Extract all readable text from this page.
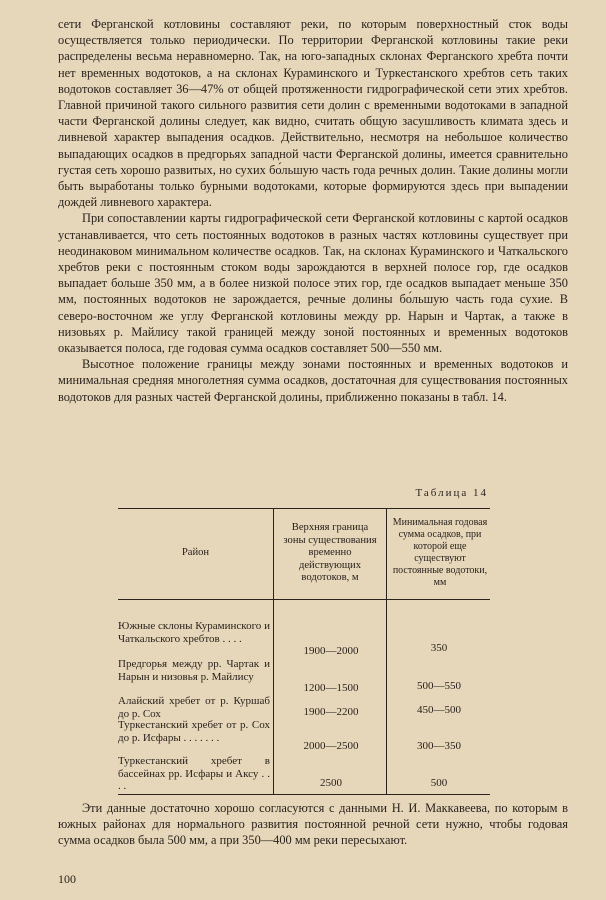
сети Ферганской котловины составляют реки, по которым поверхностный сток воды осуществляется только периодически. По территории Ферганской котловины такие реки распределены весьма неравномерно. Так, на юго-западных склонах Ферганского хребта почти нет временных водотоков, а на склонах Кураминского и Туркестанского хребтов сеть таких водотоков составляет 36—47% от общей протяженности гидрографической сети этих хребтов. Главной причиной такого сильного развития сети долин с временными водотоками в западной части Ферганской долины следует, как видно, считать общую засушливость климата здесь и ливневой характер выпадения осадков. Действительно, несмотря на небольшое количество выпадающих осадков в предгорьях западной части Ферганской долины, имеется сравнительно густая сеть хорошо развитых, но сухих бо́льшую часть года речных долин. Такие долины могли быть выработаны только бурными водотоками, которые формируются здесь при выпадении дождей ливневого характера.

При сопоставлении карты гидрографической сети Ферганской котловины с картой осадков устанавливается, что сеть постоянных водотоков в разных частях котловины существует при неодинаковом минимальном количестве осадков. Так, на склонах Кураминского и Чаткальского хребтов реки с постоянным стоком воды зарождаются в верхней полосе гор, где осадков выпадает больше 350 мм, а в более низкой полосе этих гор, где осадков выпадает меньше 350 мм, постоянных водотоков не зарождается, речные долины бо́льшую часть года сухие. В северо-восточном же углу Ферганской котловины между рр. Нарын и Чартак, а также в низовьях р. Майлису такой границей между зоной постоянных и временных водотоков оказывается полоса, где годовая сумма осадков составляет 500—550 мм.

Высотное положение границы между зонами постоянных и временных водотоков и минимальная средняя многолетняя сумма осадков, достаточная для существования постоянных водотоков для разных частей Ферганской долины, приближенно показаны в табл. 14.

Таблица 14
Район
Верхняя граница зоны существования временно действующих водотоков, м
Минимальная годовая сумма осадков, при которой еще существуют постоянные водотоки, мм
Южные склоны Кураминского и Чаткальского хребтов . . . .
1900—2000	350
Предгорья между рр. Чартак и Нарын и низовья р. Майлису
1200—1500	500—550
Алайский хребет от р. Куршаб до р. Сох	1900—2200	450—500
Туркестанский хребет от р. Сох до р. Исфары . . . . . . .
2000—2500	300—350
Туркестанский хребет в бассейнах рр. Исфары и Аксу . . . .	2500	500

Эти данные достаточно хорошо согласуются с данными Н. И. Маккавеева, по которым в южных районах для нормального развития постоянной речной сети нужно, чтобы годовая сумма осадков была 500 мм, а при 350—400 мм реки пересыхают.

100
